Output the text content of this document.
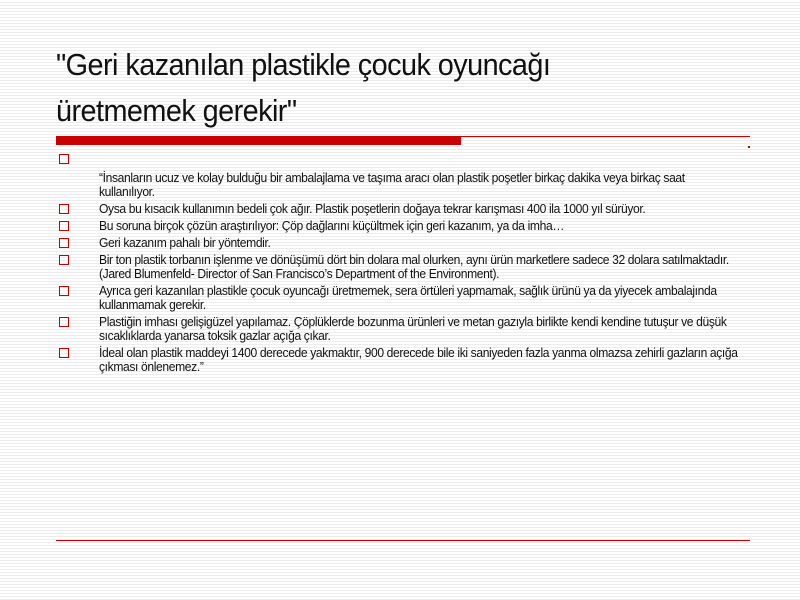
"Geri kazanılan plastikle çocuk oyuncağı
üretmemek gerekir"
“İnsanların ucuz ve kolay bulduğu bir ambalajlama ve taşıma aracı olan plastik poşetler birkaç dakika veya birkaç saat kullanılıyor.
Oysa bu kısacık kullanımın bedeli çok ağır. Plastik poşetlerin doğaya tekrar karışması 400 ila 1000 yıl sürüyor.
Bu soruna birçok çözün araştırılıyor: Çöp dağlarını küçültmek için geri kazanım, ya da imha…
Geri kazanım pahalı bir yöntemdir.
Bir ton plastik torbanın işlenme ve dönüşümü dört bin dolara mal olurken, aynı ürün marketlere sadece 32 dolara satılmaktadır. (Jared Blumenfeld- Director of San Francisco’s Department of the Environment).
Ayrıca geri kazanılan plastikle çocuk oyuncağı üretmemek, sera örtüleri yapmamak, sağlık ürünü ya da yiyecek ambalajında kullanmamak gerekir.
Plastiğin imhası gelişigüzel yapılamaz. Çöplüklerde bozunma ürünleri ve metan gazıyla birlikte kendi kendine tutuşur ve düşük sıcaklıklarda yanarsa toksik gazlar açığa çıkar.
İdeal olan plastik maddeyi 1400 derecede yakmaktır, 900 derecede bile iki saniyeden fazla yanma olmazsa zehirli gazların açığa çıkması önlenemez.”
